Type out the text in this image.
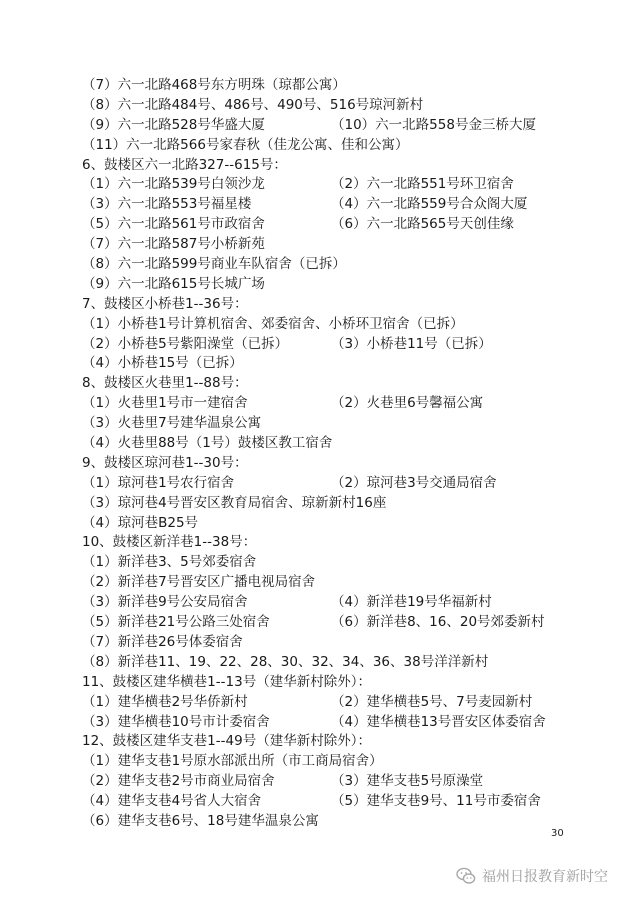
（7）六一北路468号东方明珠（琼都公寓）
（8）六一北路484号、486号、490号、516号琼河新村
（9）六一北路528号华盛大厦	（10）六一北路558号金三桥大厦
（11）六一北路566号家春秋（佳龙公寓、佳和公寓）
6、鼓楼区六一北路327--615号：
（1）六一北路539号白领沙龙	（2）六一北路551号环卫宿舍
（3）六一北路553号福星楼	（4）六一北路559号合众阁大厦
（5）六一北路561号市政宿舍	（6）六一北路565号天创佳缘
（7）六一北路587号小桥新苑
（8）六一北路599号商业车队宿舍（已拆）
（9）六一北路615号长城广场
7、鼓楼区小桥巷1--36号：
（1）小桥巷1号计算机宿舍、郊委宿舍、小桥环卫宿舍（已拆）
（2）小桥巷5号紫阳澡堂（已拆）	（3）小桥巷11号（已拆）
（4）小桥巷15号（已拆）
8、鼓楼区火巷里1--88号：
（1）火巷里1号市一建宿舍	（2）火巷里6号馨福公寓
（3）火巷里7号建华温泉公寓
（4）火巷里88号（1号）鼓楼区教工宿舍
9、鼓楼区琼河巷1--30号：
（1）琼河巷1号农行宿舍	（2）琼河巷3号交通局宿舍
（3）琼河巷4号晋安区教育局宿舍、琼新新村16座
（4）琼河巷B25号
10、鼓楼区新洋巷1--38号：
（1）新洋巷3、5号郊委宿舍
（2）新洋巷7号晋安区广播电视局宿舍
（3）新洋巷9号公安局宿舍	（4）新洋巷19号华福新村
（5）新洋巷21号公路三处宿舍	（6）新洋巷8、16、20号郊委新村
（7）新洋巷26号体委宿舍
（8）新洋巷11、19、22、28、30、32、34、36、38号洋洋新村
11、鼓楼区建华横巷1--13号（建华新村除外）：
（1）建华横巷2号华侨新村	（2）建华横巷5号、7号麦园新村
（3）建华横巷10号市计委宿舍	（4）建华横巷13号晋安区体委宿舍
12、鼓楼区建华支巷1--49号（建华新村除外）：
（1）建华支巷1号原水部派出所（市工商局宿舍）
（2）建华支巷2号市商业局宿舍	（3）建华支巷5号原澡堂
（4）建华支巷4号省人大宿舍	（5）建华支巷9号、11号市委宿舍
（6）建华支巷6号、18号建华温泉公寓
30
福州日报教育新时空
